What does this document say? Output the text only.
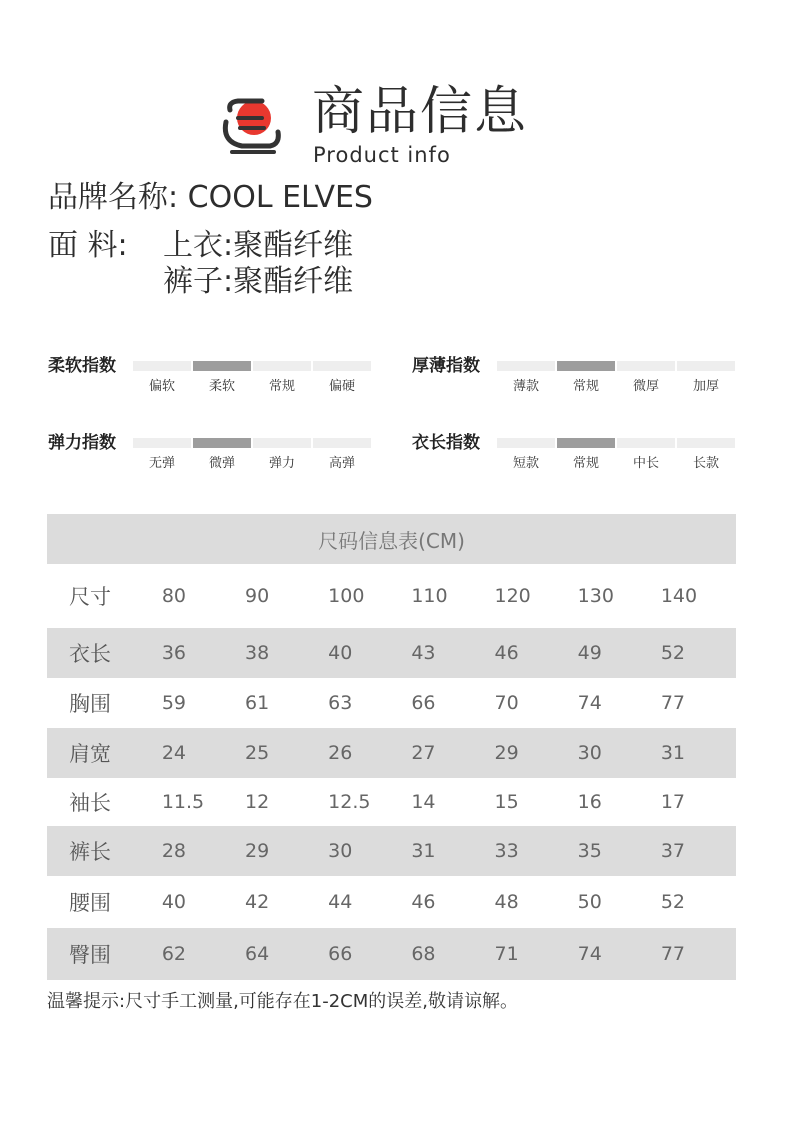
商品信息
Product info
品牌名称: COOL ELVES
面 料: 上衣:聚酯纤维
裤子:聚酯纤维
柔软指数
偏软	柔软	常规	偏硬
厚薄指数
薄款	常规	微厚	加厚
弹力指数
无弹	微弹	弹力	高弹
衣长指数
短款	常规	中长	长款
尺码信息表(CM)
尺寸	80	90	100	110	120	130	140
衣长	36	38	40	43	46	49	52
胸围	59	61	63	66	70	74	77
肩宽	24	25	26	27	29	30	31
袖长	11.5	12	12.5	14	15	16	17
裤长	28	29	30	31	33	35	37
腰围	40	42	44	46	48	50	52
臀围	62	64	66	68	71	74	77
温馨提示:尺寸手工测量,可能存在1-2CM的误差,敬请谅解。
